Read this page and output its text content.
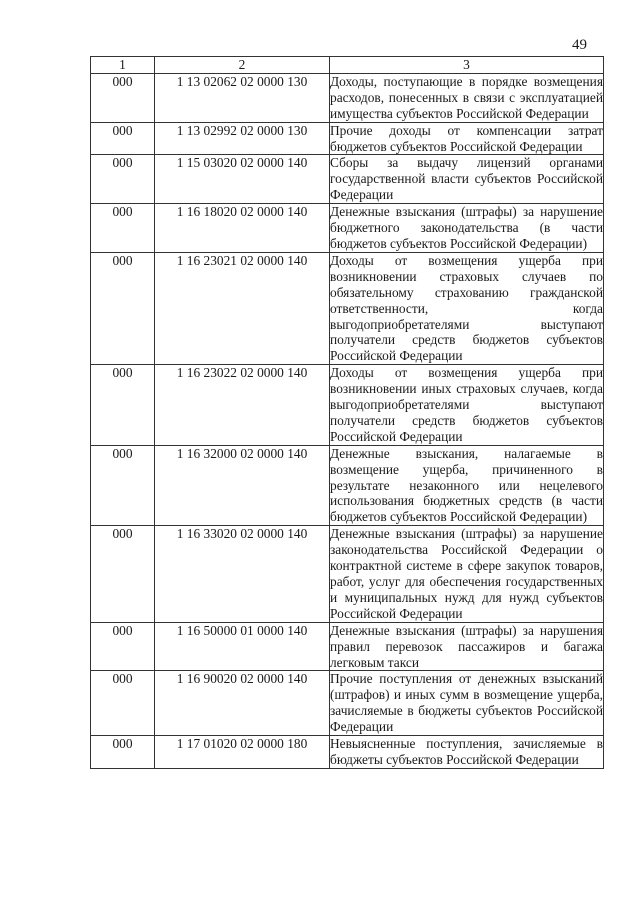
49
1	2	3
000	1 13 02062 02 0000 130	Доходы, поступающие в порядке возмещения расходов, понесенных в связи с эксплуатацией имущества субъектов Российской Федерации
000	1 13 02992 02 0000 130	Прочие доходы от компенсации затрат бюджетов субъектов Российской Федерации
000	1 15 03020 02 0000 140	Сборы за выдачу лицензий органами государственной власти субъектов Российской Федерации
000	1 16 18020 02 0000 140	Денежные взыскания (штрафы) за нарушение бюджетного законодательства (в части бюджетов субъектов Российской Федерации)
000	1 16 23021 02 0000 140	Доходы от возмещения ущерба при возникновении страховых случаев по обязательному страхованию гражданской ответственности, когда выгодоприобретателями выступают получатели средств бюджетов субъектов Российской Федерации
000	1 16 23022 02 0000 140	Доходы от возмещения ущерба при возникновении иных страховых случаев, когда выгодоприобретателями выступают получатели средств бюджетов субъектов Российской Федерации
000	1 16 32000 02 0000 140	Денежные взыскания, налагаемые в возмещение ущерба, причиненного в результате незаконного или нецелевого использования бюджетных средств (в части бюджетов субъектов Российской Федерации)
000	1 16 33020 02 0000 140	Денежные взыскания (штрафы) за нарушение законодательства Российской Федерации о контрактной системе в сфере закупок товаров, работ, услуг для обеспечения государственных и муниципальных нужд для нужд субъектов Российской Федерации
000	1 16 50000 01 0000 140	Денежные взыскания (штрафы) за нарушения правил перевозок пассажиров и багажа легковым такси
000	1 16 90020 02 0000 140	Прочие поступления от денежных взысканий (штрафов) и иных сумм в возмещение ущерба, зачисляемые в бюджеты субъектов Российской Федерации
000	1 17 01020 02 0000 180	Невыясненные поступления, зачисляемые в бюджеты субъектов Российской Федерации
